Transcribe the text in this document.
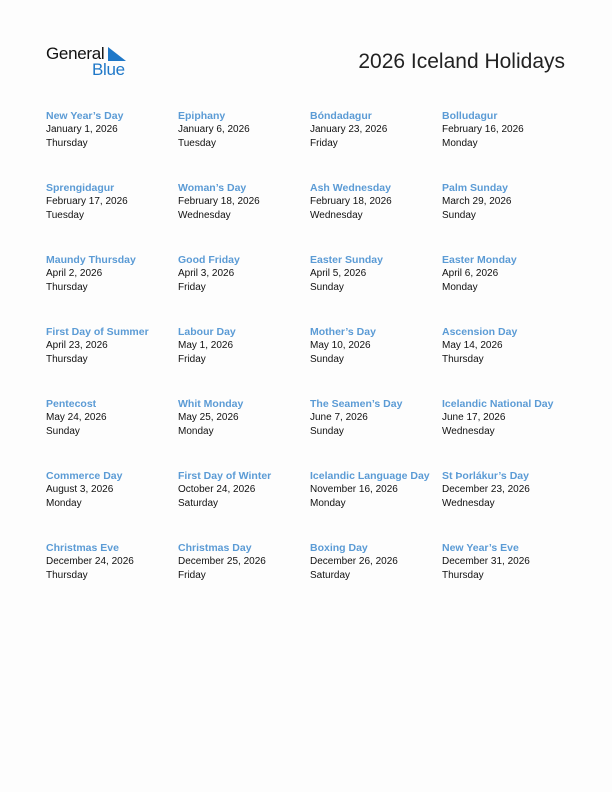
General
Blue	2026 Iceland Holidays
New Year’s Day
January 1, 2026
Thursday
Epiphany
January 6, 2026
Tuesday
Bóndadagur
January 23, 2026
Friday
Bolludagur
February 16, 2026
Monday
Sprengidagur
February 17, 2026
Tuesday
Woman’s Day
February 18, 2026
Wednesday
Ash Wednesday
February 18, 2026
Wednesday
Palm Sunday
March 29, 2026
Sunday
Maundy Thursday
April 2, 2026
Thursday
Good Friday
April 3, 2026
Friday
Easter Sunday
April 5, 2026
Sunday
Easter Monday
April 6, 2026
Monday
First Day of Summer
April 23, 2026
Thursday
Labour Day
May 1, 2026
Friday
Mother’s Day
May 10, 2026
Sunday
Ascension Day
May 14, 2026
Thursday
Pentecost
May 24, 2026
Sunday
Whit Monday
May 25, 2026
Monday
The Seamen’s Day
June 7, 2026
Sunday
Icelandic National Day
June 17, 2026
Wednesday
Commerce Day
August 3, 2026
Monday
First Day of Winter
October 24, 2026
Saturday
Icelandic Language Day
November 16, 2026
Monday
St Þorlákur’s Day
December 23, 2026
Wednesday
Christmas Eve
December 24, 2026
Thursday
Christmas Day
December 25, 2026
Friday
Boxing Day
December 26, 2026
Saturday
New Year’s Eve
December 31, 2026
Thursday
